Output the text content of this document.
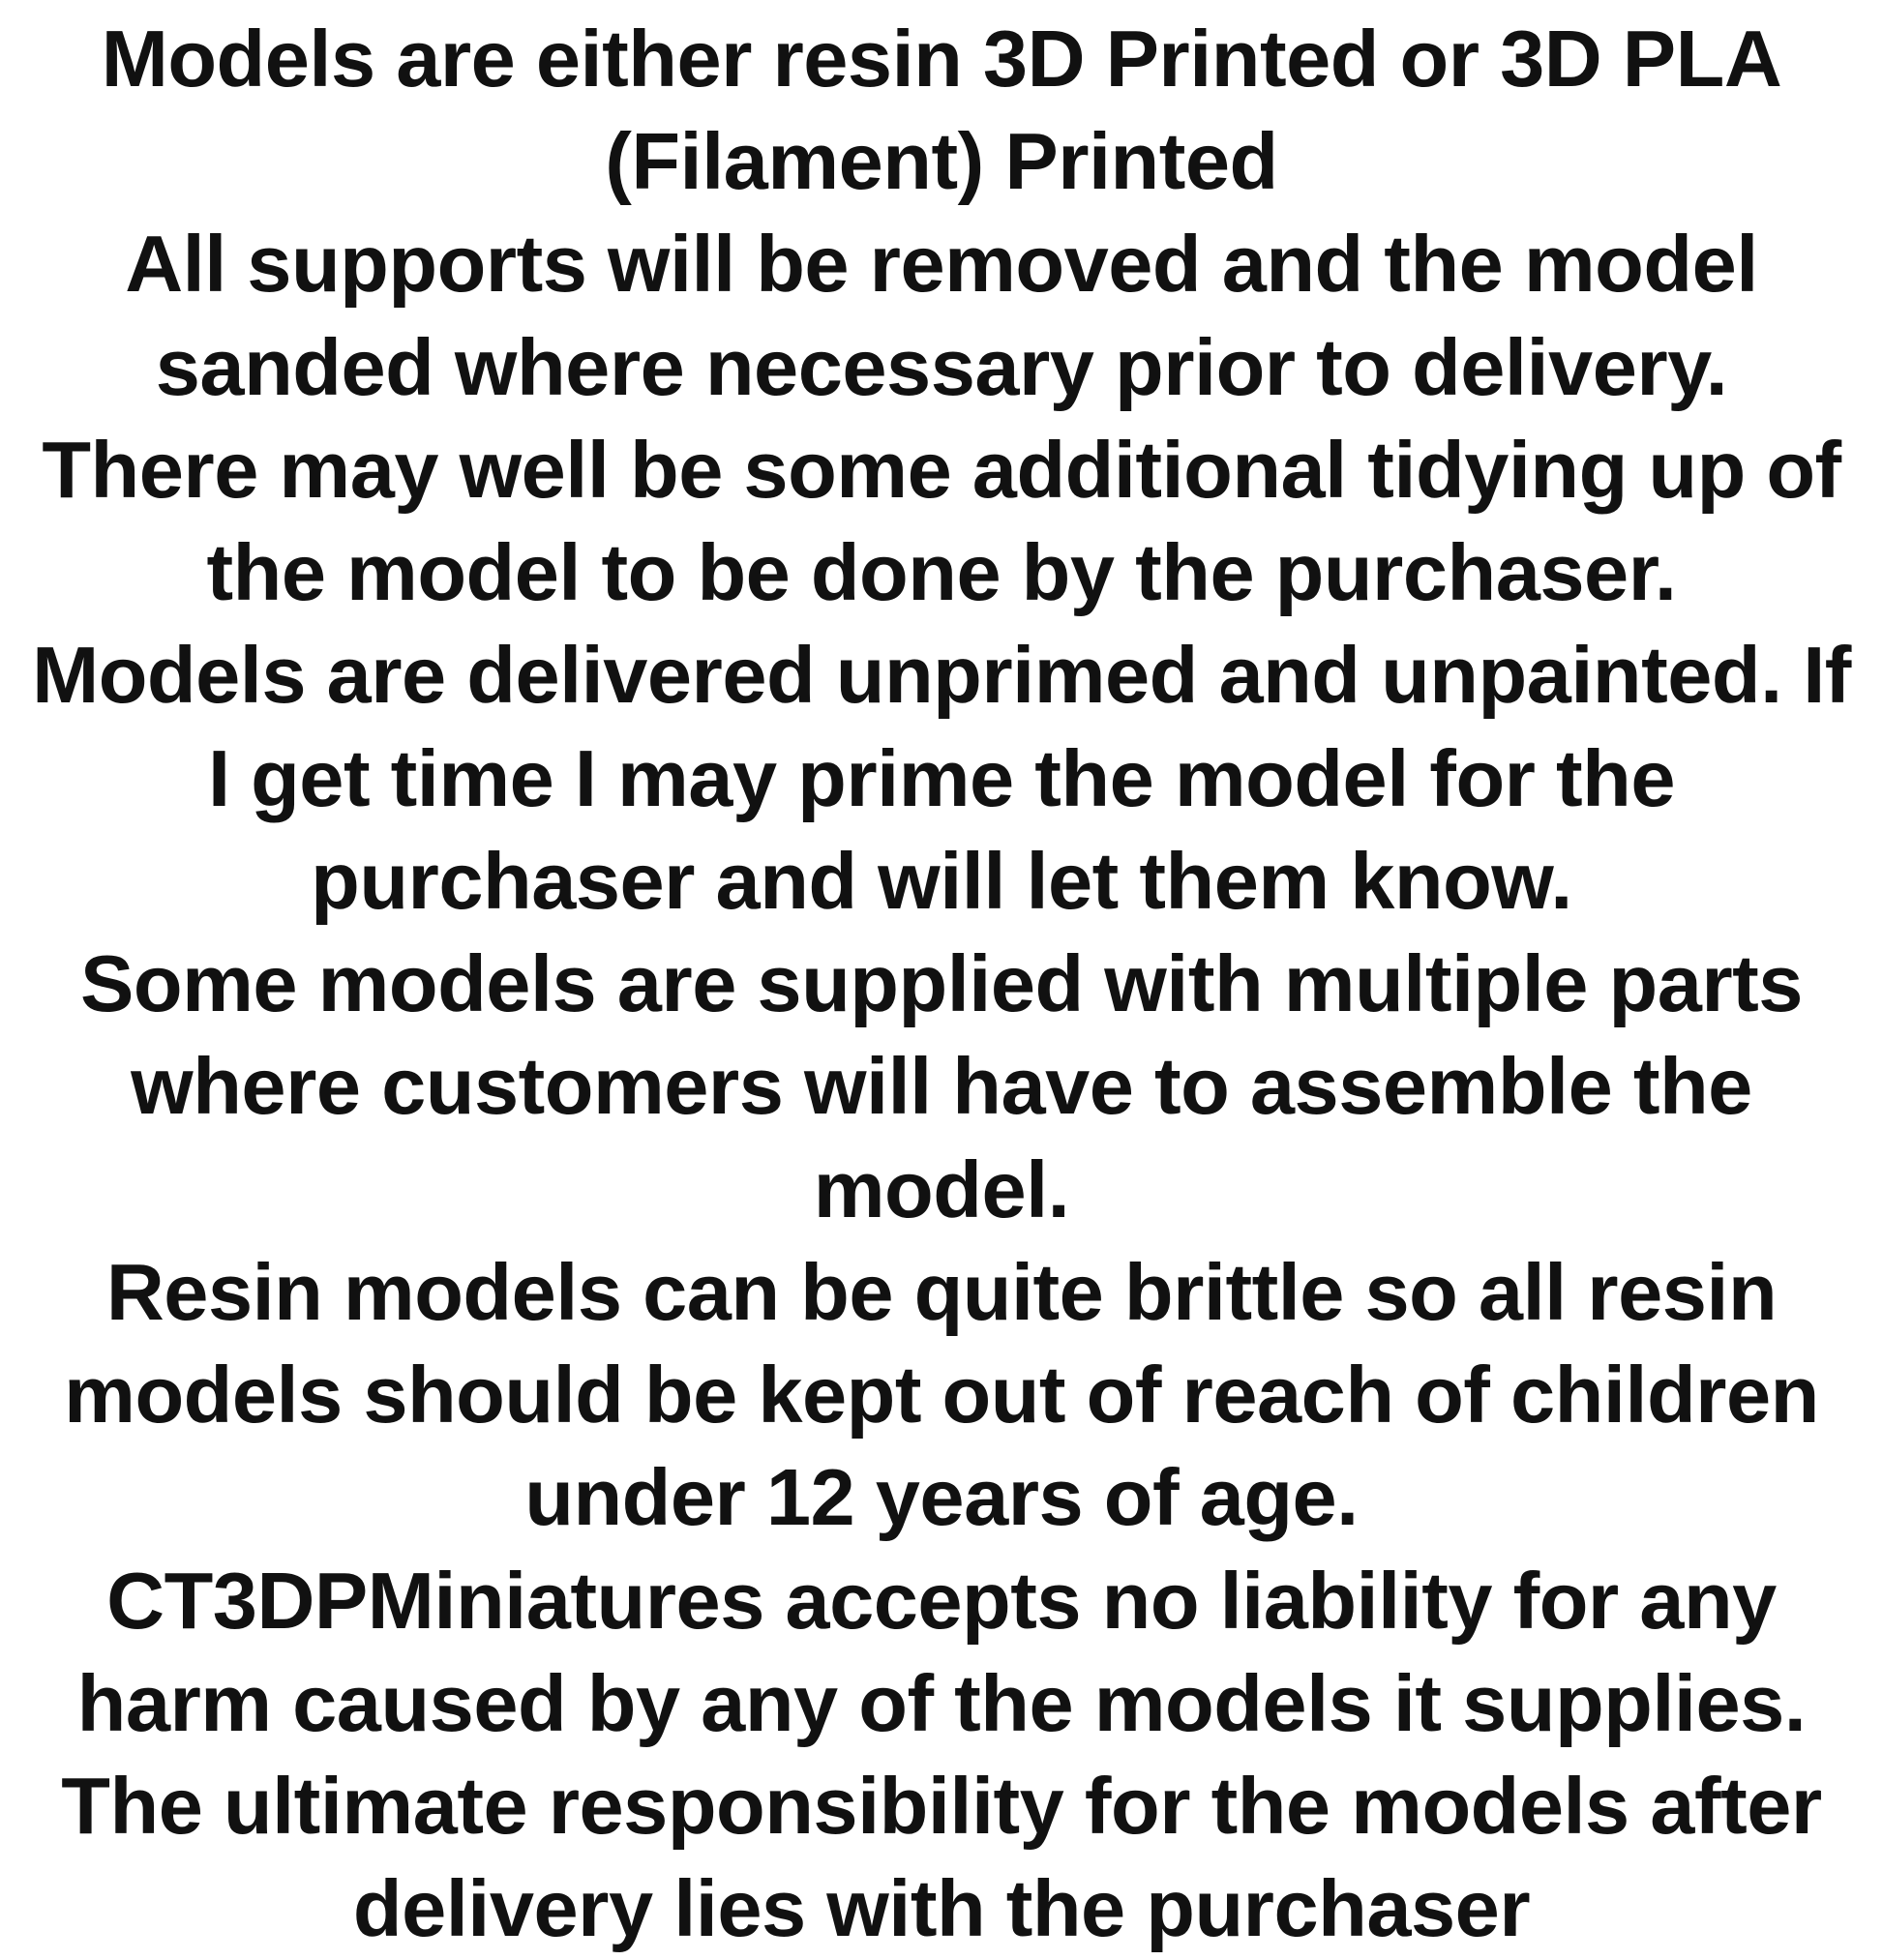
Models are either resin 3D Printed or 3D PLA (Filament) Printed

All supports will be removed and the model sanded where necessary prior to delivery.

There may well be some additional tidying up of the model to be done by the purchaser.

Models are delivered unprimed and unpainted. If I get time I may prime the model for the purchaser and will let them know.

Some models are supplied with multiple parts where customers will have to assemble the model.

Resin models can be quite brittle so all resin models should be kept out of reach of children under 12 years of age.

CT3DPMiniatures accepts no liability for any harm caused by any of the models it supplies.

The ultimate responsibility for the models after delivery lies with the purchaser
